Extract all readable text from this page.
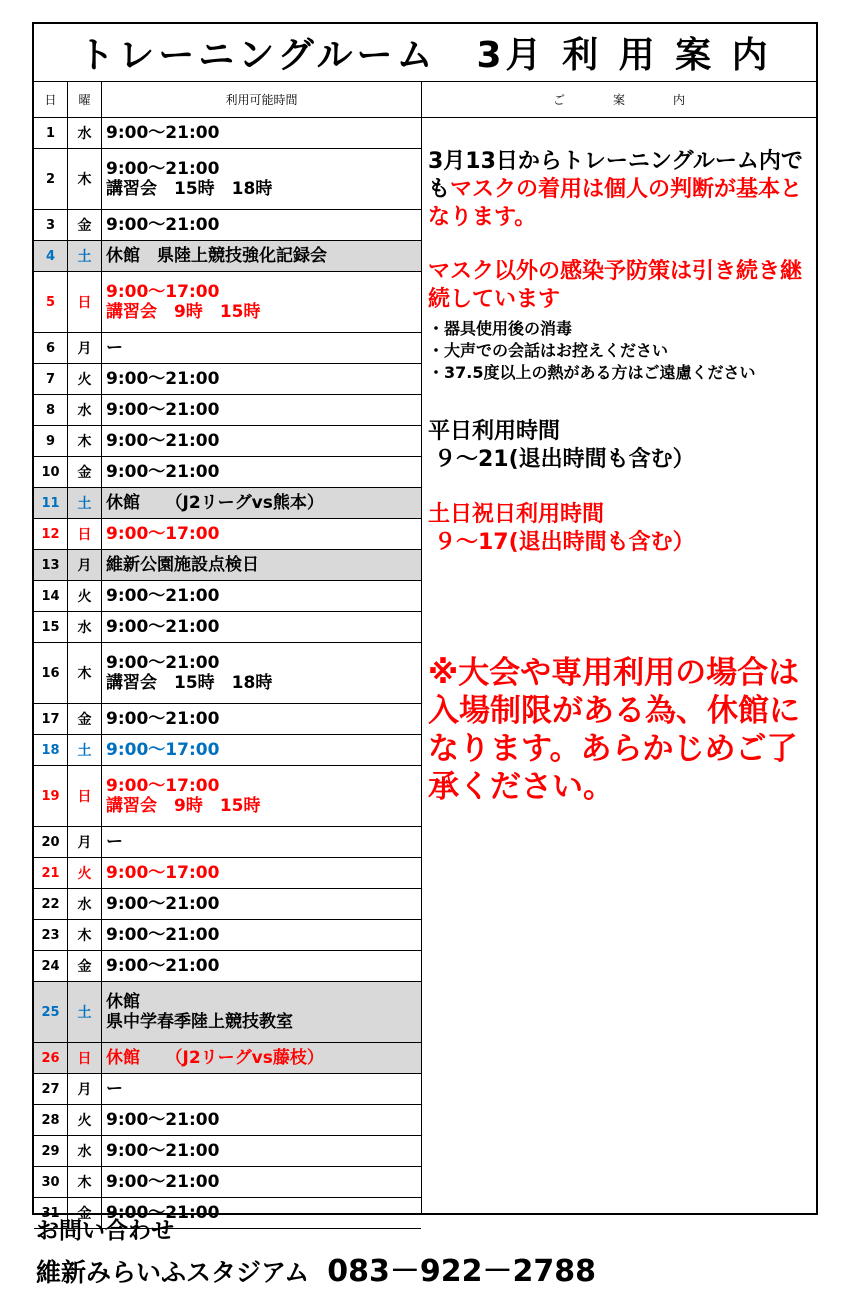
トレーニングルーム　3月 利 用 案 内
日	曜	利用可能時間	ご	案	内
1	水 9:00～21:00
2	木
9:00～21:00
講習会　15時　18時
3	金 9:00～21:00
4	土 休館　県陸上競技強化記録会
5	日
9:00～17:00
講習会　9時　15時
6	月 ー
7	火 9:00～21:00
8	水 9:00～21:00
9	木 9:00～21:00
10	金 9:00～21:00
11	土 休館　　（J2リーグvs熊本）
12	日 9:00～17:00
13	月 維新公園施設点検日
14	火 9:00～21:00
15	水 9:00～21:00
16	木
9:00～21:00
講習会　15時　18時
17	金 9:00～21:00
18	土 9:00～17:00
19	日
9:00～17:00
講習会　9時　15時
20	月 ー
21	火 9:00～17:00
22	水 9:00～21:00
23	木 9:00～21:00
24	金 9:00～21:00
25	土
休館
県中学春季陸上競技教室
26	日 休館　　（J2リーグvs藤枝）
27	月 ー
28	火 9:00～21:00
29	水 9:00～21:00
30	木 9:00～21:00
31	金 9:00～21:00
3月13日からトレーニングルーム内でもマスクの着用は個人の判断が基本となります。
マスク以外の感染予防策は引き続き継続しています
・器具使用後の消毒
・大声での会話はお控えください
・37.5度以上の熱がある方はご遠慮ください
平日利用時間
９～21(退出時間も含む）
土日祝日利用時間
９～17(退出時間も含む）
※大会や専用利用の場合は入場制限がある為、休館になります。あらかじめご了承ください。
お問い合わせ
維新みらいふスタジアム 083－922－2788
